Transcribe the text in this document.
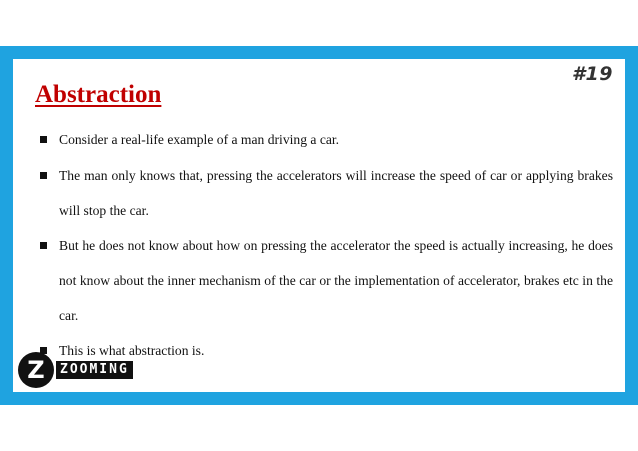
#19
Abstraction
Consider a real-life example of a man driving a car.
The man only knows that, pressing the accelerators will increase the speed of car or applying brakes will stop the car.
But he does not know about how on pressing the accelerator the speed is actually increasing, he does not know about the inner mechanism of the car or the implementation of accelerator, brakes etc in the car.
This is what abstraction is.
Z	ZOOMING
